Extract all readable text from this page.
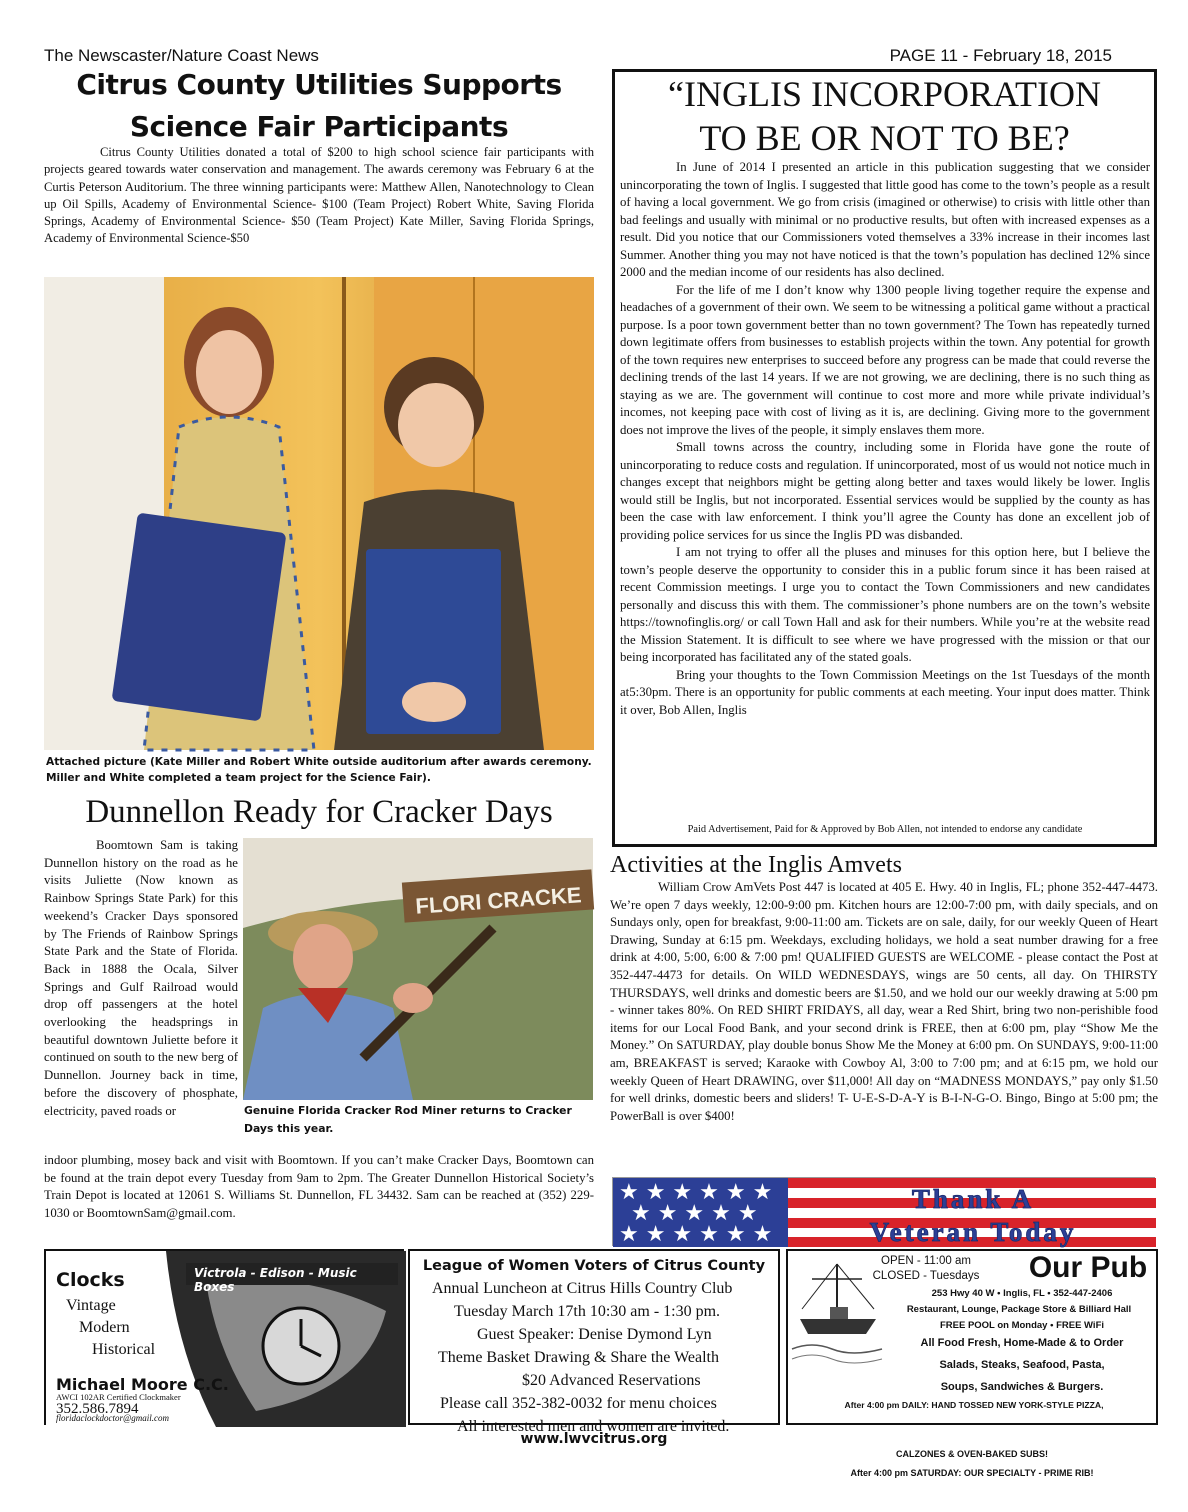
The Newscaster/Nature Coast News	PAGE 11 - February 18, 2015
Citrus County Utilities Supports
Science Fair Participants
Citrus County Utilities donated a total of $200 to high school science fair participants with projects geared towards water conservation and management. The awards ceremony was February 6 at the Curtis Peterson Auditorium. The three winning participants were: Matthew Allen, Nanotechnology to Clean up Oil Spills, Academy of Environmental Science- $100 (Team Project) Robert White, Saving Florida Springs, Academy of Environmental Science- $50 (Team Project) Kate Miller, Saving Florida Springs, Academy of Environmental Science-$50
Attached picture (Kate Miller and Robert White outside auditorium after awards ceremony. Miller and White completed a team project for the Science Fair).
Dunnellon Ready for Cracker Days
Boomtown Sam is taking Dunnellon history on the road as he visits Juliette (Now known as Rainbow Springs State Park) for this weekend’s Cracker Days sponsored by The Friends of Rainbow Springs State Park and the State of Florida. Back in 1888 the Ocala, Silver Springs and Gulf Railroad would drop off passengers at the hotel overlooking the headsprings in beautiful downtown Juliette before it continued on south to the new berg of Dunnellon. Journey back in time, before the discovery of phosphate, electricity, paved roads or
FLORI CRACKE
Genuine Florida Cracker Rod Miner returns to Cracker Days this year.
indoor plumbing, mosey back and visit with Boomtown. If you can’t make Cracker Days, Boomtown can be found at the train depot every Tuesday from 9am to 2pm. The Greater Dunnellon Historical Society’s Train Depot is located at 12061 S. Williams St. Dunnellon, FL 34432. Sam can be reached at (352) 229-1030 or BoomtownSam@gmail.com.
“INGLIS INCORPORATION
TO BE OR NOT TO BE?

In June of 2014 I presented an article in this publication suggesting that we consider unincorporating the town of Inglis. I suggested that little good has come to the town’s people as a result of having a local government. We go from crisis (imagined or otherwise) to crisis with little other than bad feelings and usually with minimal or no productive results, but often with increased expenses as a result. Did you notice that our Commissioners voted themselves a 33% increase in their incomes last Summer. Another thing you may not have noticed is that the town’s population has declined 12% since 2000 and the median income of our residents has also declined.

For the life of me I don’t know why 1300 people living together require the expense and headaches of a government of their own. We seem to be witnessing a political game without a practical purpose. Is a poor town government better than no town government? The Town has repeatedly turned down legitimate offers from businesses to establish projects within the town. Any potential for growth of the town requires new enterprises to succeed before any progress can be made that could reverse the declining trends of the last 14 years. If we are not growing, we are declining, there is no such thing as staying as we are. The government will continue to cost more and more while private individual’s incomes, not keeping pace with cost of living as it is, are declining. Giving more to the government does not improve the lives of the people, it simply enslaves them more.

Small towns across the country, including some in Florida have gone the route of unincorporating to reduce costs and regulation. If unincorporated, most of us would not notice much in changes except that neighbors might be getting along better and taxes would likely be lower. Inglis would still be Inglis, but not incorporated. Essential services would be supplied by the county as has been the case with law enforcement. I think you’ll agree the County has done an excellent job of providing police services for us since the Inglis PD was disbanded.

I am not trying to offer all the pluses and minuses for this option here, but I believe the town’s people deserve the opportunity to consider this in a public forum since it has been raised at recent Commission meetings. I urge you to contact the Town Commissioners and new candidates personally and discuss this with them. The commissioner’s phone numbers are on the town’s website https://townofinglis.org/ or call Town Hall and ask for their numbers. While you’re at the website read the Mission Statement. It is difficult to see where we have progressed with the mission or that our being incorporated has facilitated any of the stated goals.

Bring your thoughts to the Town Commission Meetings on the 1st Tuesdays of the month at5:30pm. There is an opportunity for public comments at each meeting. Your input does matter. Think it over, Bob Allen, Inglis

Paid Advertisement, Paid for & Approved by Bob Allen, not intended to endorse any candidate
Activities at the Inglis Amvets
William Crow AmVets Post 447 is located at 405 E. Hwy. 40 in Inglis, FL; phone 352-447-4473. We’re open 7 days weekly, 12:00-9:00 pm. Kitchen hours are 12:00-7:00 pm, with daily specials, and on Sundays only, open for breakfast, 9:00-11:00 am. Tickets are on sale, daily, for our weekly Queen of Heart Drawing, Sunday at 6:15 pm. Weekdays, excluding holidays, we hold a seat number drawing for a free drink at 4:00, 5:00, 6:00 & 7:00 pm! QUALIFIED GUESTS are WELCOME - please contact the Post at 352-447-4473 for details. On WILD WEDNESDAYS, wings are 50 cents, all day. On THIRSTY THURSDAYS, well drinks and domestic beers are $1.50, and we hold our our weekly drawing at 5:00 pm - winner takes 80%. On RED SHIRT FRIDAYS, all day, wear a Red Shirt, bring two non-perishible food items for our Local Food Bank, and your second drink is FREE, then at 6:00 pm, play “Show Me the Money.” On SATURDAY, play double bonus Show Me the Money at 6:00 pm. On SUNDAYS, 9:00-11:00 am, BREAKFAST is served; Karaoke with Cowboy Al, 3:00 to 7:00 pm; and at 6:15 pm, we hold our weekly Queen of Heart DRAWING, over $11,000! All day on “MADNESS MONDAYS,” pay only $1.50 for well drinks, domestic beers and sliders! T- U-E-S-D-A-Y is B-I-N-G-O. Bingo, Bingo at 5:00 pm; the PowerBall is over $400!
★ ★ ★ ★ ★ ★
★ ★ ★ ★ ★
★ ★ ★ ★ ★ ★
Thank A
Veteran Today
Victrola - Edison - Music Boxes
Clocks
Vintage
Modern
Historical
Michael Moore C.C.
AWCI 102AR Certified Clockmaker
352.586.7894
floridaclockdoctor@gmail.com
League of Women Voters of Citrus County
Annual Luncheon at Citrus Hills Country Club
Tuesday March 17th 10:30 am - 1:30 pm.
Guest Speaker: Denise Dymond Lyn
Theme Basket Drawing & Share the Wealth
$20 Advanced Reservations
Please call 352-382-0032 for menu choices
All interested men and women are invited.
www.lwvcitrus.org
OPEN - 11:00 am
CLOSED - Tuesdays	Our Pub
253 Hwy 40 W • Inglis, FL • 352-447-2406
Restaurant, Lounge, Package Store & Billiard Hall
FREE POOL on Monday • FREE WiFi
All Food Fresh, Home-Made & to Order
Salads, Steaks, Seafood, Pasta,
Soups, Sandwiches & Burgers.
After 4:00 pm DAILY: HAND TOSSED NEW YORK-STYLE PIZZA,
CALZONES & OVEN-BAKED SUBS!
After 4:00 pm SATURDAY: OUR SPECIALTY - PRIME RIB!
